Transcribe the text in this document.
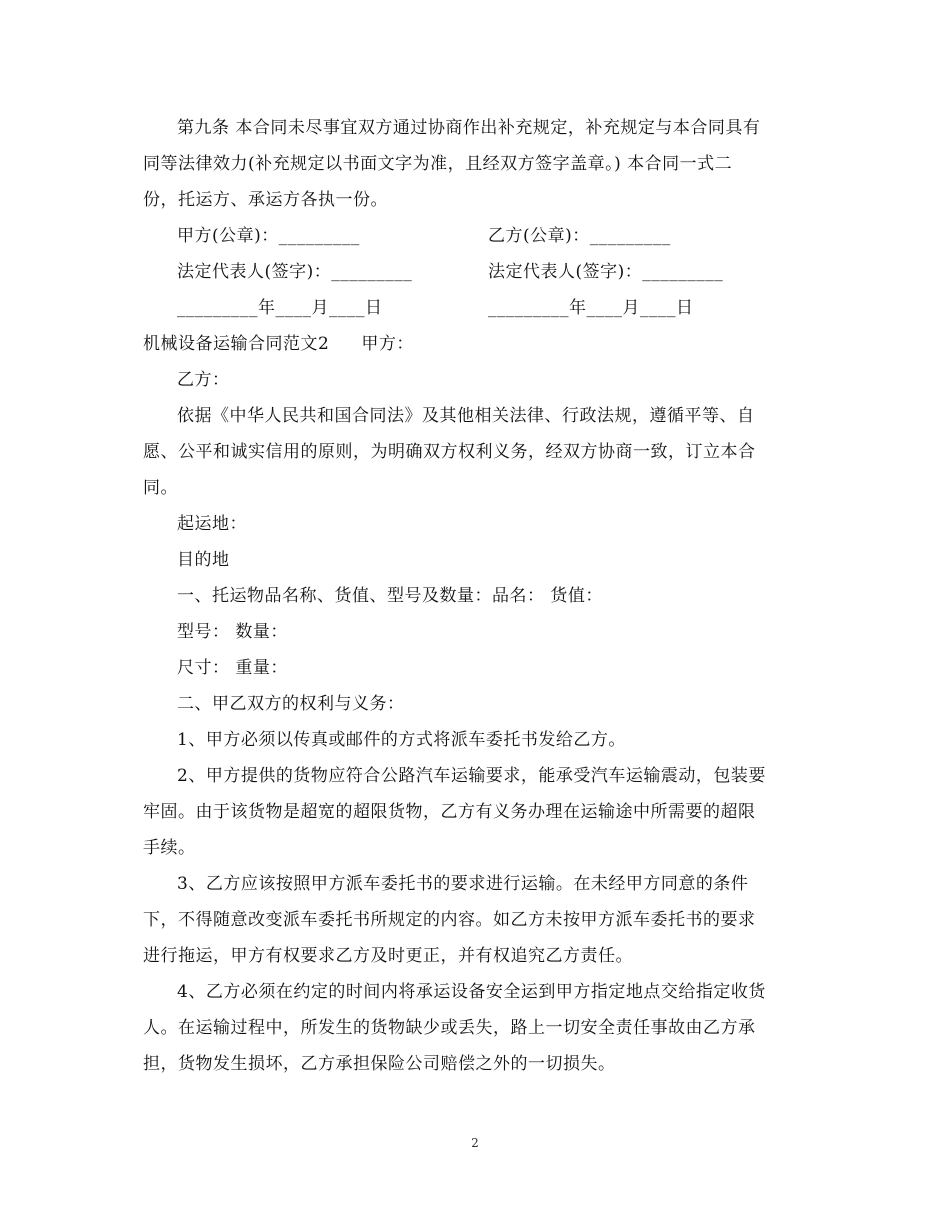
第九条 本合同未尽事宜双方通过协商作出补充规定，补充规定与本合同具有

同等法律效力(补充规定以书面文字为准，且经双方签字盖章。) 本合同一式二

份，托运方、承运方各执一份。

甲方(公章)：_________	乙方(公章)：_________
法定代表人(签字)：_________	法定代表人(签字)：_________
_________年____月____日	_________年____月____日
机械设备运输合同范文2 甲方：

乙方：

依据《中华人民共和国合同法》及其他相关法律、行政法规，遵循平等、自

愿、公平和诚实信用的原则，为明确双方权利义务，经双方协商一致，订立本合

同。

起运地：

目的地

一、托运物品名称、货值、型号及数量：品名： 货值：

型号： 数量：

尺寸： 重量：

二、甲乙双方的权利与义务：

1、甲方必须以传真或邮件的方式将派车委托书发给乙方。

2、甲方提供的货物应符合公路汽车运输要求，能承受汽车运输震动，包装要

牢固。由于该货物是超宽的超限货物，乙方有义务办理在运输途中所需要的超限

手续。

3、乙方应该按照甲方派车委托书的要求进行运输。在未经甲方同意的条件

下，不得随意改变派车委托书所规定的内容。如乙方未按甲方派车委托书的要求

进行拖运，甲方有权要求乙方及时更正，并有权追究乙方责任。

4、乙方必须在约定的时间内将承运设备安全运到甲方指定地点交给指定收货

人。在运输过程中，所发生的货物缺少或丢失，路上一切安全责任事故由乙方承

担，货物发生损坏，乙方承担保险公司赔偿之外的一切损失。

2
